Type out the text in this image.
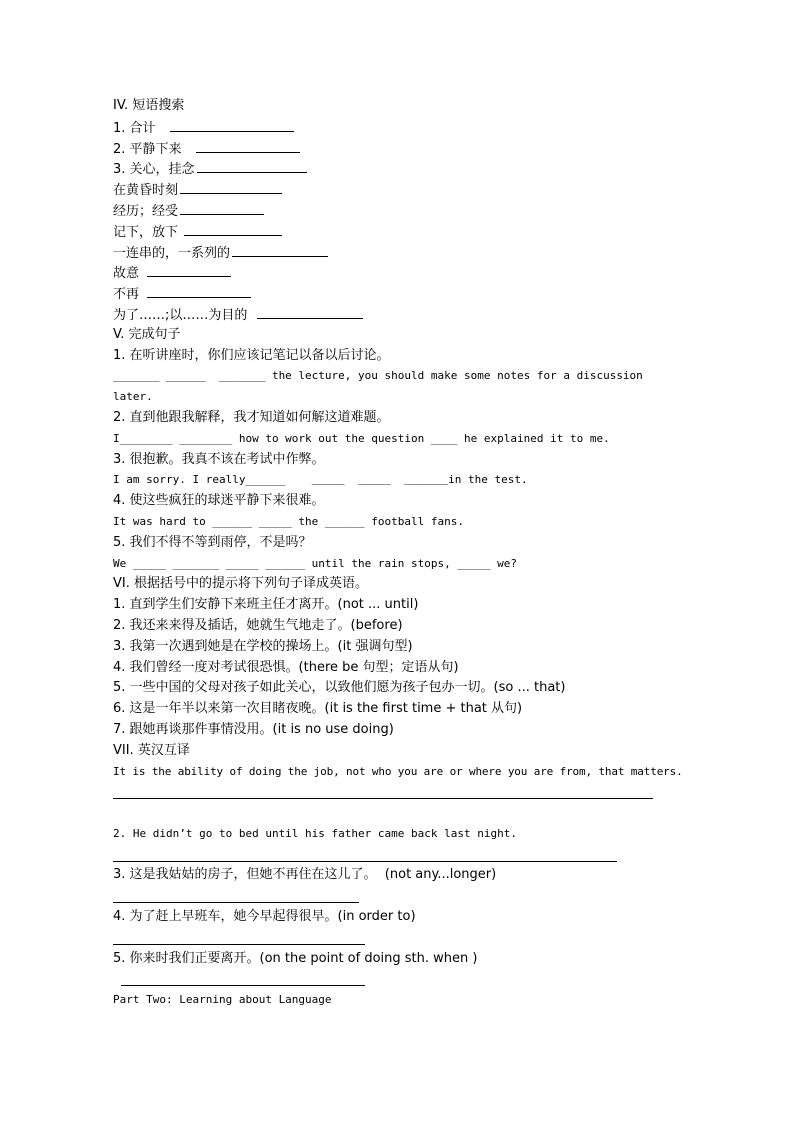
IV. 短语搜索
1. 合计
2. 平静下来
3. 关心，挂念
在黄昏时刻
经历；经受
记下，放下
一连串的，一系列的
故意
不再
为了……;以……为目的
V. 完成句子
1. 在听讲座时，你们应该记笔记以备以后讨论。
_______ ______  _______ the lecture, you should make some notes for a discussion
later.
2. 直到他跟我解释，我才知道如何解这道难题。
I________ ________ how to work out the question ____ he explained it to me.
3. 很抱歉。我真不该在考试中作弊。
I am sorry. I really______    ＿＿＿  ＿＿＿  ＿＿＿＿in the test.
4. 使这些疯狂的球迷平静下来很难。
It was hard to ______ _____ the ______ football fans.
5. 我们不得不等到雨停，不是吗？
We _____ _______ _____ ______ until the rain stops, _____ we?
VI. 根据括号中的提示将下列句子译成英语。
1. 直到学生们安静下来班主任才离开。(not ... until)
2. 我还来来得及插话，她就生气地走了。(before)
3. 我第一次遇到她是在学校的操场上。(it 强调句型)
4. 我们曾经一度对考试很恐惧。(there be 句型；定语从句)
5. 一些中国的父母对孩子如此关心，以致他们愿为孩子包办一切。(so ... that)
6. 这是一年半以来第一次目睹夜晚。(it is the first time + that 从句)
7. 跟她再谈那件事情没用。(it is no use doing)
VII. 英汉互译
It is the ability of doing the job, not who you are or where you are from, that matters.
2. He didn’t go to bed until his father came back last night.
3. 这是我姑姑的房子，但她不再住在这儿了。  (not any...longer)
4. 为了赶上早班车，她今早起得很早。(in order to)
5. 你来时我们正要离开。(on the point of doing sth. when )
Part Two: Learning about Language
